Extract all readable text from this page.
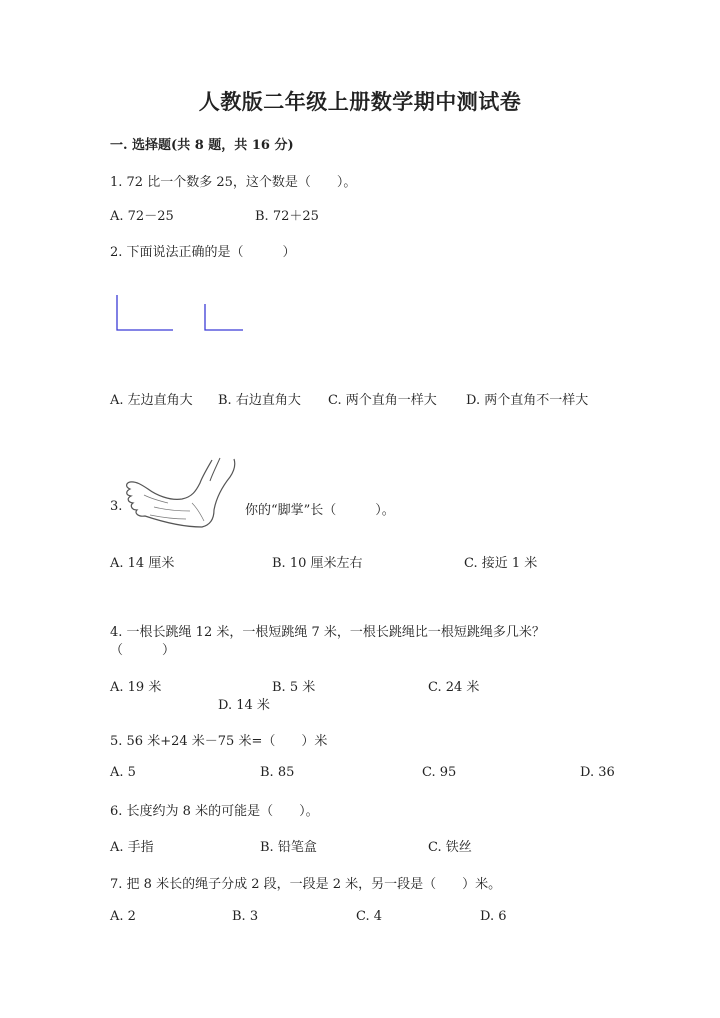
人教版二年级上册数学期中测试卷
一. 选择题(共 8 题，共 16 分)
1. 72 比一个数多 25，这个数是（　　）。
A. 72－25	B. 72＋25
2. 下面说法正确的是（　　　）
A. 左边直角大 B. 右边直角大 C. 两个直角一样大 D. 两个直角不一样大
3.	你的“脚掌”长（　　　）。
A. 14 厘米	B. 10 厘米左右	C. 接近 1 米
4. 一根长跳绳 12 米，一根短跳绳 7 米，一根长跳绳比一根短跳绳多几米？
（　　　）
A. 19 米	B. 5 米	C. 24 米
D. 14 米
5. 56 米+24 米－75 米=（　　）米
A. 5	B. 85	C. 95	D. 36
6. 长度约为 8 米的可能是（　　）。
A. 手指	B. 铅笔盒	C. 铁丝
7. 把 8 米长的绳子分成 2 段，一段是 2 米，另一段是（　　）米。
A. 2	B. 3	C. 4	D. 6
